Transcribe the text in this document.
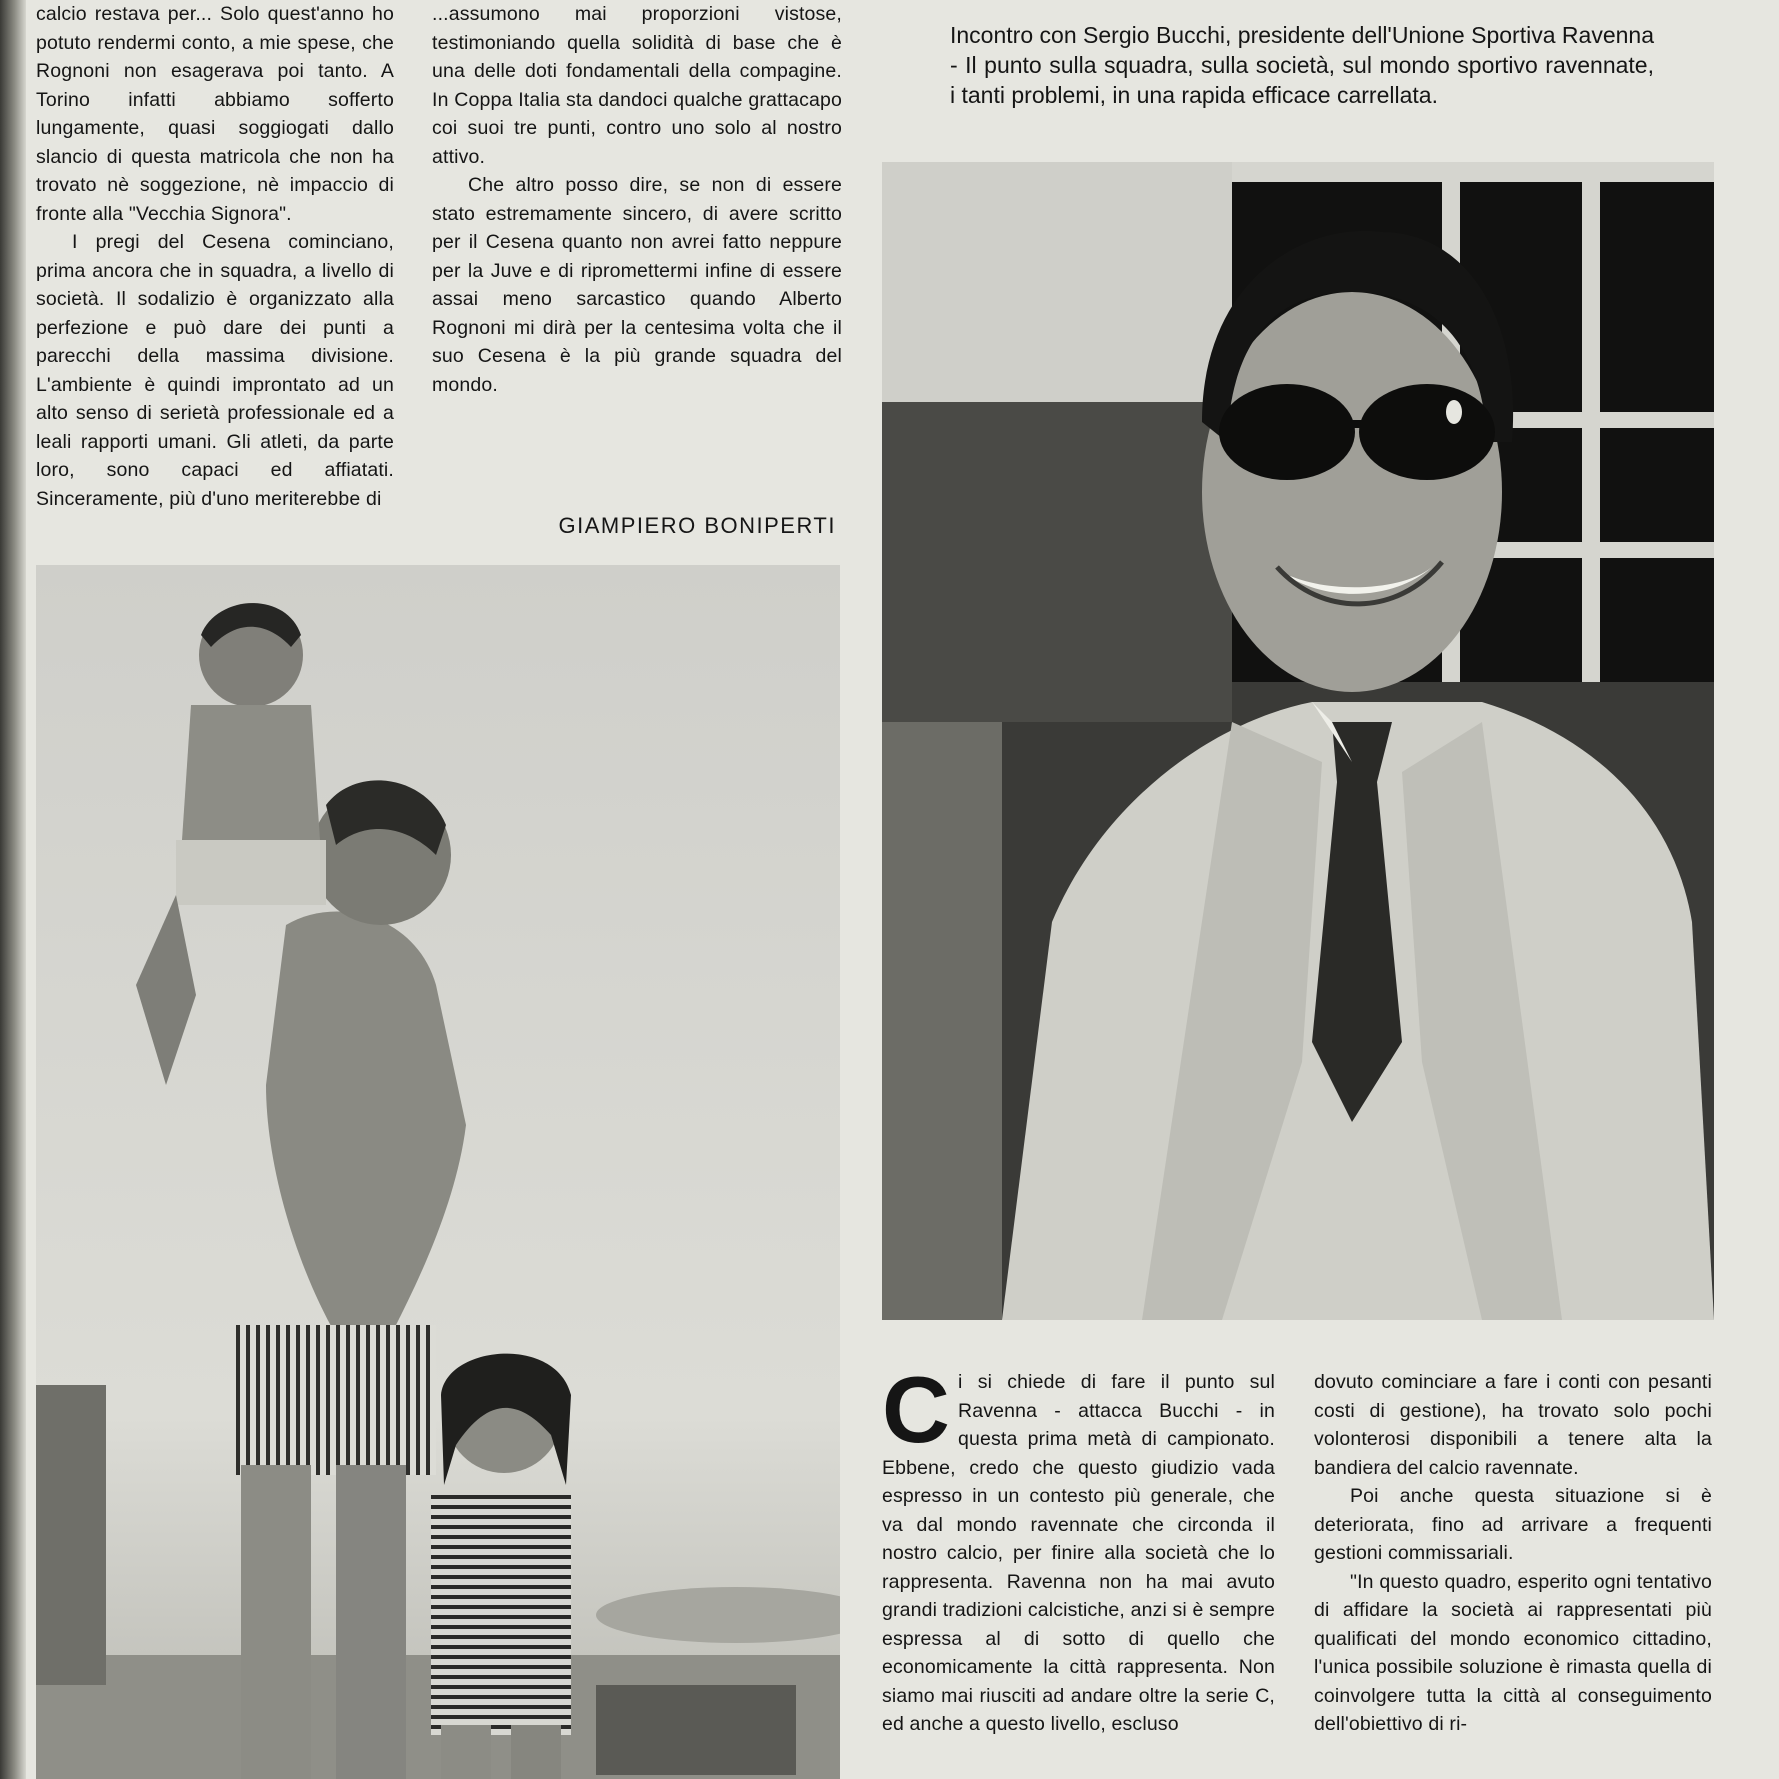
calcio restava per... Solo quest'anno ho potuto rendermi conto, a mie spese, che Rognoni non esagerava poi tanto. A Torino infatti abbiamo sofferto lungamente, quasi soggiogati dallo slancio di questa matricola che non ha trovato nè soggezione, nè impaccio di fronte alla "Vecchia Signora".

I pregi del Cesena cominciano, prima ancora che in squadra, a livello di società. Il sodalizio è organizzato alla perfezione e può dare dei punti a parecchi della massima divisione. L'ambiente è quindi improntato ad un alto senso di serietà professionale ed a leali rapporti umani. Gli atleti, da parte loro, sono capaci ed affiatati. Sinceramente, più d'uno meriterebbe di

...assumono mai proporzioni vistose, testimoniando quella solidità di base che è una delle doti fondamentali della compagine. In Coppa Italia sta dandoci qualche grattacapo coi suoi tre punti, contro uno solo al nostro attivo.

Che altro posso dire, se non di essere stato estremamente sincero, di avere scritto per il Cesena quanto non avrei fatto neppure per la Juve e di ripromettermi infine di essere assai meno sarcastico quando Alberto Rognoni mi dirà per la centesima volta che il suo Cesena è la più grande squadra del mondo.

GIAMPIERO BONIPERTI
Incontro con Sergio Bucchi, presidente dell'Unione Sportiva Ravenna - Il punto sulla squadra, sulla società, sul mondo sportivo ravennate, i tanti problemi, in una rapida efficace carrellata.

C i si chiede di fare il punto sul Ravenna - attacca Bucchi - in questa prima metà di campionato. Ebbene, credo che questo giudizio vada espresso in un contesto più generale, che va dal mondo ravennate che circonda il nostro calcio, per finire alla società che lo rappresenta. Ravenna non ha mai avuto grandi tradizioni calcistiche, anzi si è sempre espressa al di sotto di quello che economicamente la città rappresenta. Non siamo mai riusciti ad andare oltre la serie C, ed anche a questo livello, escluso

dovuto cominciare a fare i conti con pesanti costi di gestione), ha trovato solo pochi volonterosi disponibili a tenere alta la bandiera del calcio ravennate.

Poi anche questa situazione si è deteriorata, fino ad arrivare a frequenti gestioni commissariali.

"In questo quadro, esperito ogni tentativo di affidare la società ai rappresentati più qualificati del mondo economico cittadino, l'unica possibile soluzione è rimasta quella di coinvolgere tutta la città al conseguimento dell'obiettivo di ri-
